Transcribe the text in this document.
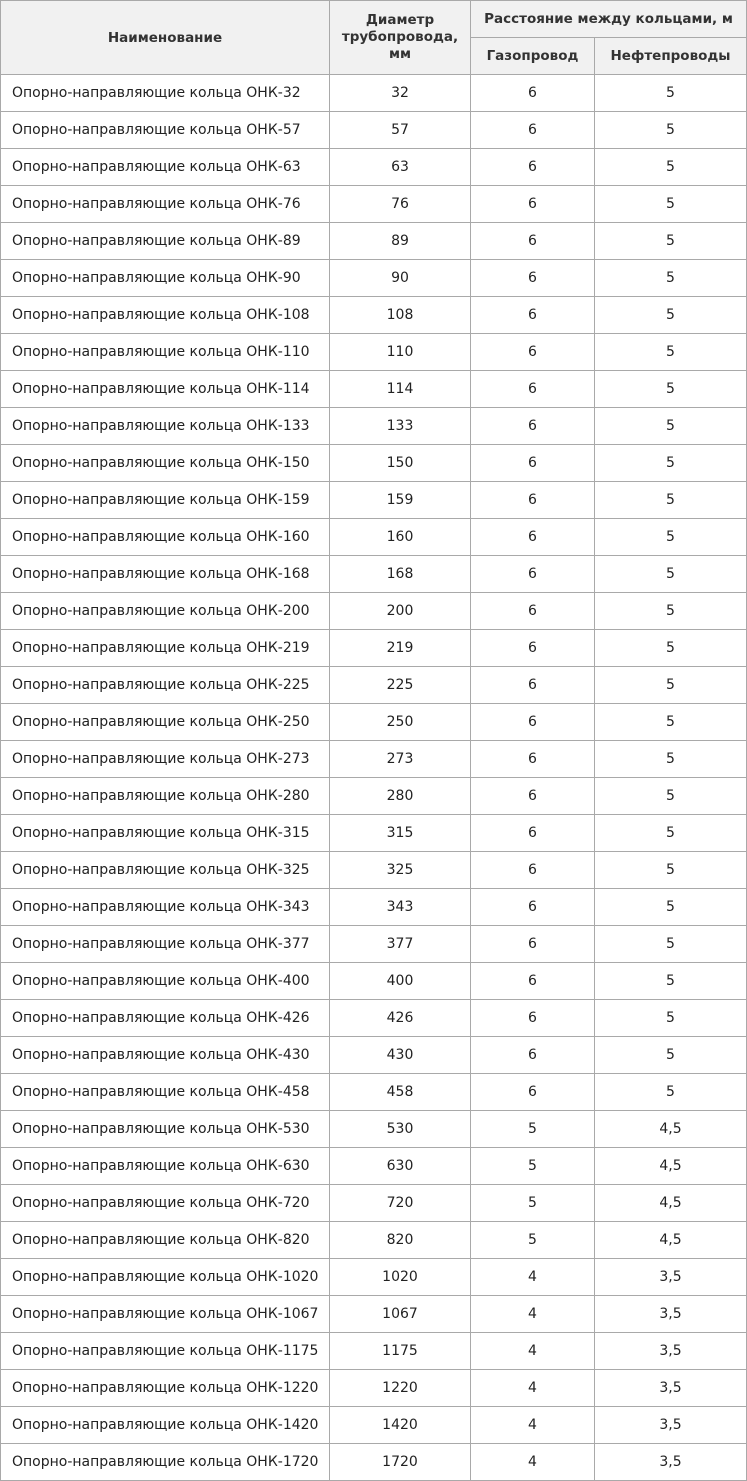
Наименование	Диаметр трубопровода, мм	Расстояние между кольцами, м	
		Газопровод	Нефтепроводы
Опорно-направляющие кольца ОНК-32	32	6	5
Опорно-направляющие кольца ОНК-57	57	6	5
Опорно-направляющие кольца ОНК-63	63	6	5
Опорно-направляющие кольца ОНК-76	76	6	5
Опорно-направляющие кольца ОНК-89	89	6	5
Опорно-направляющие кольца ОНК-90	90	6	5
Опорно-направляющие кольца ОНК-108	108	6	5
Опорно-направляющие кольца ОНК-110	110	6	5
Опорно-направляющие кольца ОНК-114	114	6	5
Опорно-направляющие кольца ОНК-133	133	6	5
Опорно-направляющие кольца ОНК-150	150	6	5
Опорно-направляющие кольца ОНК-159	159	6	5
Опорно-направляющие кольца ОНК-160	160	6	5
Опорно-направляющие кольца ОНК-168	168	6	5
Опорно-направляющие кольца ОНК-200	200	6	5
Опорно-направляющие кольца ОНК-219	219	6	5
Опорно-направляющие кольца ОНК-225	225	6	5
Опорно-направляющие кольца ОНК-250	250	6	5
Опорно-направляющие кольца ОНК-273	273	6	5
Опорно-направляющие кольца ОНК-280	280	6	5
Опорно-направляющие кольца ОНК-315	315	6	5
Опорно-направляющие кольца ОНК-325	325	6	5
Опорно-направляющие кольца ОНК-343	343	6	5
Опорно-направляющие кольца ОНК-377	377	6	5
Опорно-направляющие кольца ОНК-400	400	6	5
Опорно-направляющие кольца ОНК-426	426	6	5
Опорно-направляющие кольца ОНК-430	430	6	5
Опорно-направляющие кольца ОНК-458	458	6	5
Опорно-направляющие кольца ОНК-530	530	5	4,5
Опорно-направляющие кольца ОНК-630	630	5	4,5
Опорно-направляющие кольца ОНК-720	720	5	4,5
Опорно-направляющие кольца ОНК-820	820	5	4,5
Опорно-направляющие кольца ОНК-1020	1020	4	3,5
Опорно-направляющие кольца ОНК-1067	1067	4	3,5
Опорно-направляющие кольца ОНК-1175	1175	4	3,5
Опорно-направляющие кольца ОНК-1220	1220	4	3,5
Опорно-направляющие кольца ОНК-1420	1420	4	3,5
Опорно-направляющие кольца ОНК-1720	1720	4	3,5
